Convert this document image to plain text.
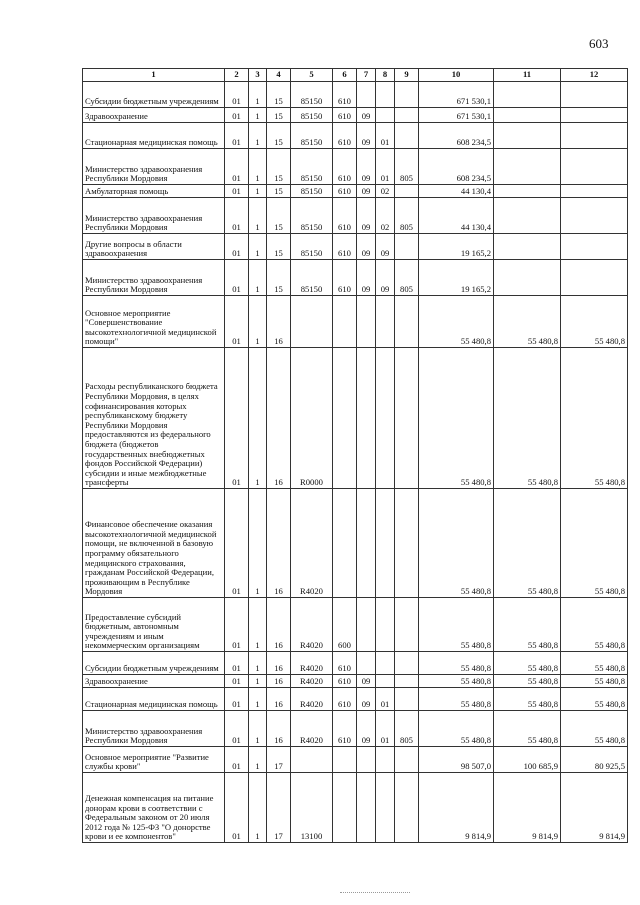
603
1	2	3	4	5	6	7	8	9	10	11	12
Субсидии бюджетным учреждениям	01	1	15	85150	610				671 530,1		
Здравоохранение	01	1	15	85150	610	09			671 530,1		
Стационарная медицинская помощь	01	1	15	85150	610	09	01		608 234,5		
Министерство здравоохранения Республики Мордовия	01	1	15	85150	610	09	01	805	608 234,5		
Амбулаторная помощь	01	1	15	85150	610	09	02		44 130,4		
Министерство здравоохранения Республики Мордовия	01	1	15	85150	610	09	02	805	44 130,4		
Другие вопросы в области здравоохранения	01	1	15	85150	610	09	09		19 165,2		
Министерство здравоохранения Республики Мордовия	01	1	15	85150	610	09	09	805	19 165,2		
Основное мероприятие "Совершенствование высокотехнологичной медицинской помощи"	01	1	16						55 480,8	55 480,8	55 480,8
Расходы республиканского бюджета Республики Мордовия, в целях софинансирования которых республиканскому бюджету Республики Мордовия предоставляются из федерального бюджета (бюджетов государственных внебюджетных фондов Российской Федерации) субсидии и иные межбюджетные трансферты	01	1	16	R0000					55 480,8	55 480,8	55 480,8
Финансовое обеспечение оказания высокотехнологичной медицинской помощи, не включенной в базовую программу обязательного медицинского страхования, гражданам Российской Федерации, проживающим в Республике Мордовия	01	1	16	R4020					55 480,8	55 480,8	55 480,8
Предоставление субсидий бюджетным, автономным учреждениям и иным некоммерческим организациям	01	1	16	R4020	600				55 480,8	55 480,8	55 480,8
Субсидии бюджетным учреждениям	01	1	16	R4020	610				55 480,8	55 480,8	55 480,8
Здравоохранение	01	1	16	R4020	610	09			55 480,8	55 480,8	55 480,8
Стационарная медицинская помощь	01	1	16	R4020	610	09	01		55 480,8	55 480,8	55 480,8
Министерство здравоохранения Республики Мордовия	01	1	16	R4020	610	09	01	805	55 480,8	55 480,8	55 480,8
Основное мероприятие "Развитие службы крови"	01	1	17						98 507,0	100 685,9	80 925,5
Денежная компенсация на питание донорам крови в соответствии с Федеральным законом от 20 июля 2012 года № 125-ФЗ "О донорстве крови и ее компонентов"	01	1	17	13100					9 814,9	9 814,9	9 814,9
